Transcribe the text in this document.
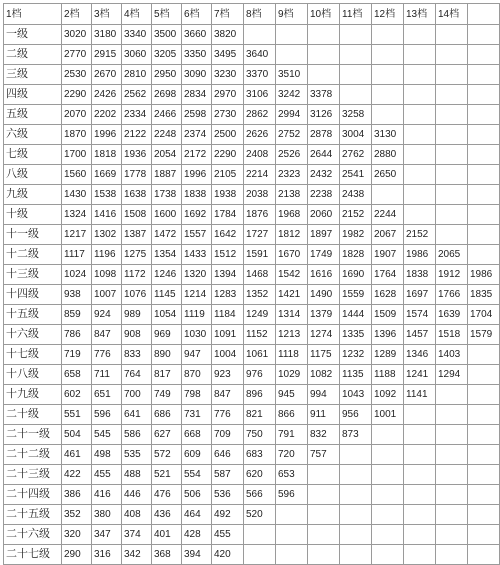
1档	2档	3档	4档	5档	6档	7档	8档	9档	10档	11档	12档	13档	14档	
一级	3020	3180	3340	3500	3660	3820								
二级	2770	2915	3060	3205	3350	3495	3640							
三级	2530	2670	2810	2950	3090	3230	3370	3510						
四级	2290	2426	2562	2698	2834	2970	3106	3242	3378					
五级	2070	2202	2334	2466	2598	2730	2862	2994	3126	3258				
六级	1870	1996	2122	2248	2374	2500	2626	2752	2878	3004	3130			
七级	1700	1818	1936	2054	2172	2290	2408	2526	2644	2762	2880			
八级	1560	1669	1778	1887	1996	2105	2214	2323	2432	2541	2650			
九级	1430	1538	1638	1738	1838	1938	2038	2138	2238	2438				
十级	1324	1416	1508	1600	1692	1784	1876	1968	2060	2152	2244			
十一级	1217	1302	1387	1472	1557	1642	1727	1812	1897	1982	2067	2152		
十二级	1117	1196	1275	1354	1433	1512	1591	1670	1749	1828	1907	1986	2065	
十三级	1024	1098	1172	1246	1320	1394	1468	1542	1616	1690	1764	1838	1912	1986
十四级	938	1007	1076	1145	1214	1283	1352	1421	1490	1559	1628	1697	1766	1835
十五级	859	924	989	1054	1119	1184	1249	1314	1379	1444	1509	1574	1639	1704
十六级	786	847	908	969	1030	1091	1152	1213	1274	1335	1396	1457	1518	1579
十七级	719	776	833	890	947	1004	1061	1118	1175	1232	1289	1346	1403	
十八级	658	711	764	817	870	923	976	1029	1082	1135	1188	1241	1294	
十九级	602	651	700	749	798	847	896	945	994	1043	1092	1141		
二十级	551	596	641	686	731	776	821	866	911	956	1001			
二十一级	504	545	586	627	668	709	750	791	832	873				
二十二级	461	498	535	572	609	646	683	720	757					
二十三级	422	455	488	521	554	587	620	653						
二十四级	386	416	446	476	506	536	566	596						
二十五级	352	380	408	436	464	492	520							
二十六级	320	347	374	401	428	455								
二十七级	290	316	342	368	394	420								
